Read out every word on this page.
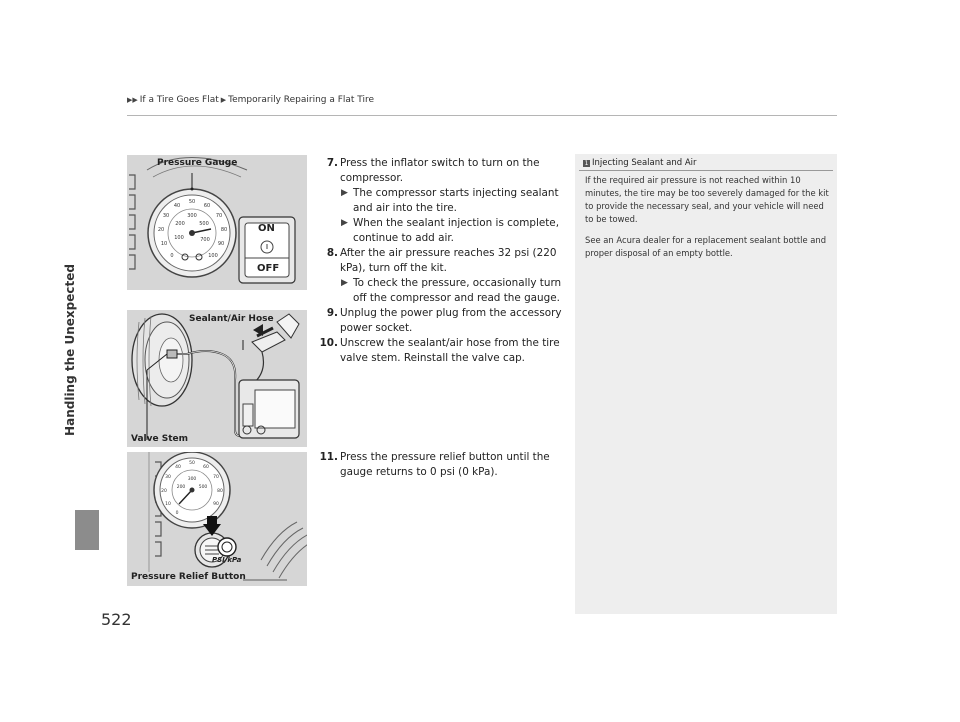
▶▶ If a Tire Goes Flat ▶ Temporarily Repairing a Flat Tire
Handling the Unexpected
522
50
60
70
80
90
100
40
30
20
10
0
300
500
200
100	700
Pressure Gauge
ON
OFF
Sealant/Air Hose
Valve Stem
50
60
70
80
90
40
30
20
10
0
300
200	500
PSI/kPa
Pressure Relief Button
7. Press the inflator switch to turn on the compressor.
▶ The compressor starts injecting sealant and air into the tire.
▶ When the sealant injection is complete, continue to add air.
8. After the air pressure reaches 32 psi (220 kPa), turn off the kit.
▶ To check the pressure, occasionally turn off the compressor and read the gauge.
9. Unplug the power plug from the accessory power socket.
10. Unscrew the sealant/air hose from the tire valve stem. Reinstall the valve cap.
11. Press the pressure relief button until the gauge returns to 0 psi (0 kPa).
1 Injecting Sealant and Air

If the required air pressure is not reached within 10 minutes, the tire may be too severely damaged for the kit to provide the necessary seal, and your vehicle will need to be towed.

See an Acura dealer for a replacement sealant bottle and proper disposal of an empty bottle.
